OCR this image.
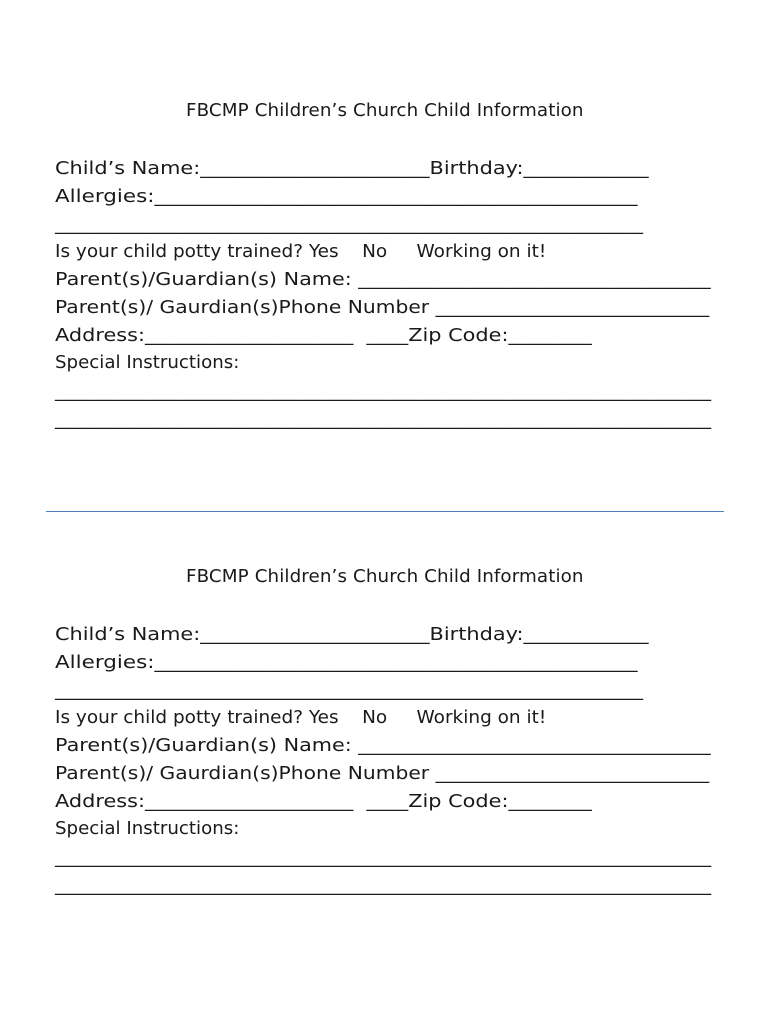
FBCMP Children’s Church Child Information
Child’s Name:______________________Birthday:____________
Allergies:_____________________________________________
______________________________________________________
Is your child potty trained? Yes    No     Working on it!
Parent(s)/Guardian(s) Name: __________________________________
Parent(s)/ Gaurdian(s)Phone Number ___________________________
Address:____________________  ____Zip Code:________
Special Instructions:
____________________________________________________________
____________________________________________________________
FBCMP Children’s Church Child Information
Child’s Name:______________________Birthday:____________
Allergies:_____________________________________________
______________________________________________________
Is your child potty trained? Yes    No     Working on it!
Parent(s)/Guardian(s) Name: __________________________________
Parent(s)/ Gaurdian(s)Phone Number ___________________________
Address:____________________  ____Zip Code:________
Special Instructions:
____________________________________________________________
____________________________________________________________
